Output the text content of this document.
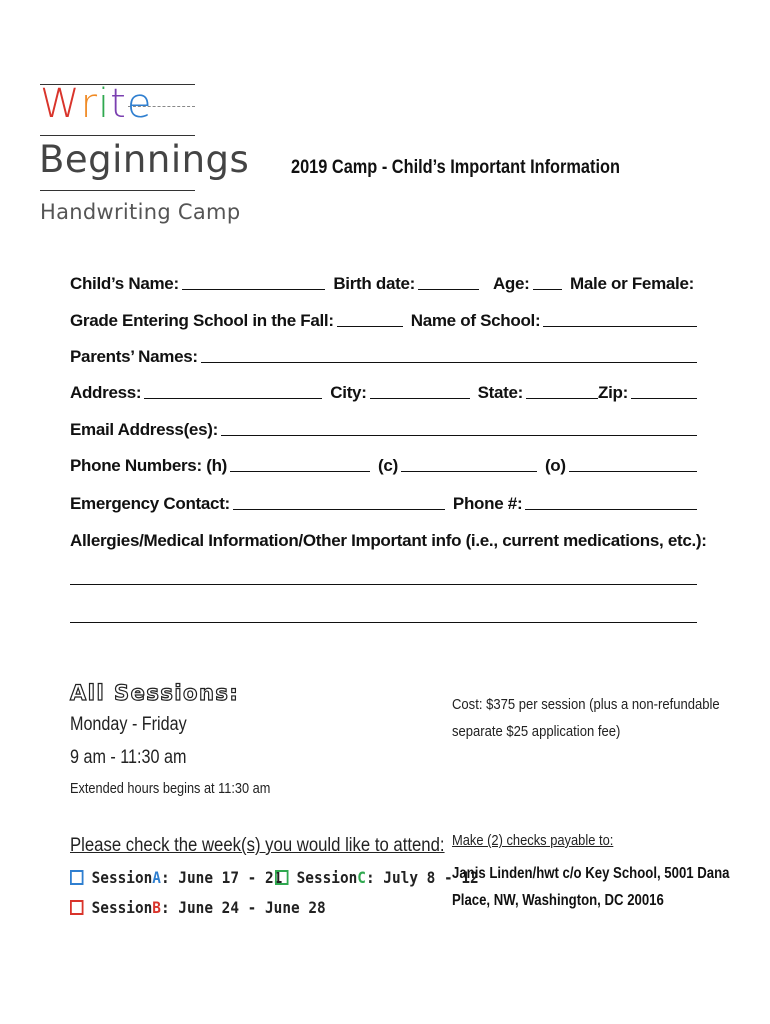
Write
Beginnings
Handwriting Camp
2019 Camp - Child’s Important Information
Child’s Name:	Birth date:	Age:	Male or Female:
Grade Entering School in the Fall:	Name of School:
Parents’ Names:
Address:	City:	State:	Zip:
Email Address(es):
Phone Numbers: (h)	(c)	(o)
Emergency Contact:	Phone #:
Allergies/Medical Information/Other Important info (i.e., current medications, etc.):
All Sessions:
Monday - Friday
9 am - 11:30 am
Extended hours begins at 11:30 am
Cost: $375 per session (plus a non-refundable
separate $25 application fee)
Please check the week(s) you would like to attend:
Session A : June 17 - 21 Session C : July 8 - 12
Session B : June 24 - June 28
Make (2) checks payable to:
Janis Linden/hwt c/o Key School, 5001 Dana
Place, NW, Washington, DC 20016
